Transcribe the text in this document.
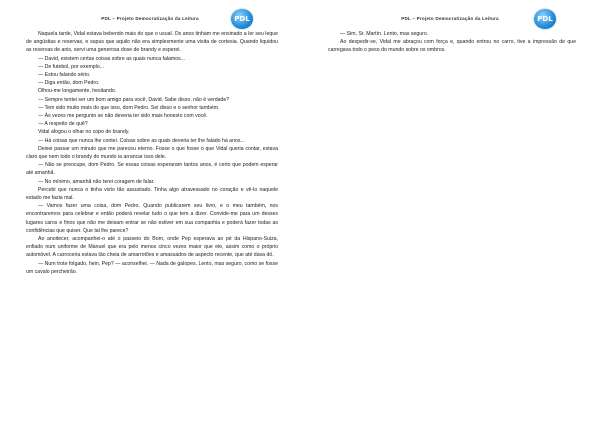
PDL – Projeto Democratização da Leitura	PDL

Naquela tarde, Vidal estava bebendo mais do que o usual. Os anos tinham me ensinado a ler seu leque de angústias e reservas, e supus que aquilo não era simplesmente uma visita de cortesia. Quando liquidou as reservas de anis, servi uma generosa dose de brandy e esperei.

— David, existem certas coisas sobre as quais nunca falamos...

— De futebol, por exemplo...

— Estou falando sério.

— Diga então, dom Pedro.

Olhou-me longamente, hesitando.

— Sempre tentei ser um bom amigo para você, David. Sabe disso, não é verdade?

— Tem sido muito mais do que isso, dom Pedro. Sei disso e o senhor também.

— Às vezes me pergunto se não deveria ter sido mais honesto com você.

— A respeito de quê?

Vidal afogou o olhar no copo de brandy.

— Há coisas que nunca lhe contei. Coisas sobre as quais deveria ter lhe falado há anos...

Deixei passar um minuto que me pareceu eterno. Fosse o que fosse o que Vidal queria contar, estava claro que nem todo o brandy do mundo ia arrancar isso dele.

— Não se preocupe, dom Pedro. Se essas coisas esperaram tantos anos, é certo que podem esperar até amanhã.

— No mínimo, amanhã não terei coragem de falar.

Percebi que nunca o tinha visto tão assustado. Tinha algo atravessado no coração e vê-lo naquele estado me fazia mal.

— Vamos fazer uma coisa, dom Pedro. Quando publicarem seu livro, e o meu também, nos encontraremos para celebrar e então poderá revelar tudo o que tem a dizer. Convide-me para um desses lugares caros e finos que não me deixam entrar se não estiver em sua companhia e poderá fazer todas as confidências que quiser. Que tal lhe parece?

Ao anoitecer, acompanhei-o até o passeio do Born, onde Pep esperava ao pé da Hispano-Suiza, enfiado num uniforme de Manuel que era pelo menos cinco vezes maior que ele, assim como o próprio automóvel. A carroceria estava tão cheia de amarrotões e amassados de aspecto recente, que até dava dó.

— Num trote folgado, hein, Pep? — aconselhei. — Nada de galopes. Lento, mas seguro, como se fosse um cavalo percheirão.

PDL – Projeto Democratização da Leitura	PDL

— Sim, Sr. Martín. Lento, mas seguro.

Ao despedir-se, Vidal me abraçou com força e, quando entrou no carro, tive a impressão de que carregava todo o peso do mundo sobre os ombros.
